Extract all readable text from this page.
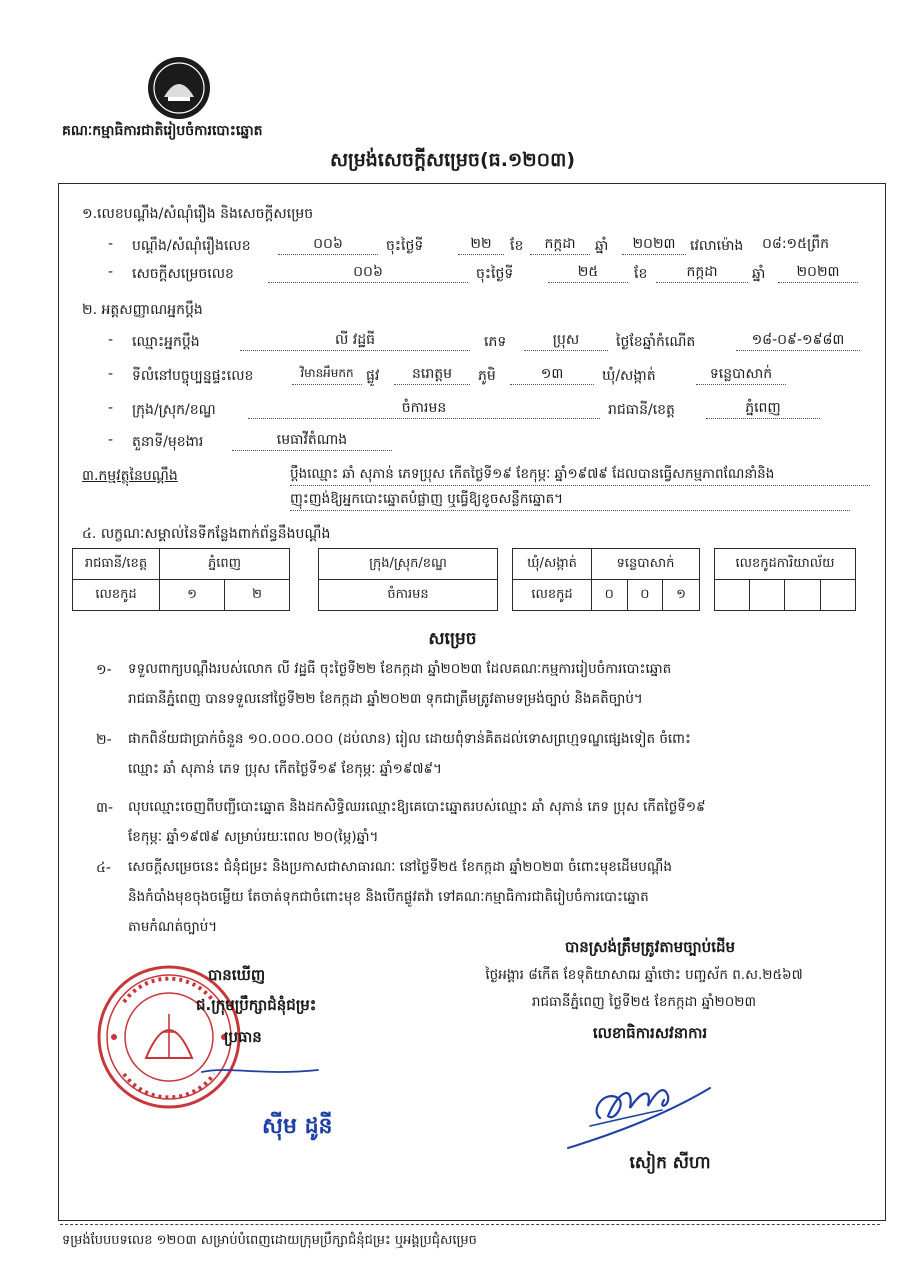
គណៈកម្មាធិការជាតិរៀបចំការបោះឆ្នោត
សម្រង់សេចក្ដីសម្រេច(ធ.១២០៣)
១.លេខបណ្ដឹង/សំណុំរឿង និងសេចក្ដីសម្រេច
- បណ្ដឹង/សំណុំរឿងលេខ	០០៦	ចុះថ្ងៃទី	២២	ខែ	កក្កដា	ឆ្នាំ	២០២៣	វេលាម៉ោង ០៨:១៥ព្រឹក
- សេចក្ដីសម្រេចលេខ	០០៦	ចុះថ្ងៃទី	២៥	ខែ	កក្កដា	ឆ្នាំ	២០២៣
២. អត្តសញ្ញាណអ្នកប្ដឹង
- ឈ្មោះអ្នកប្ដឹង	លី វដ្ឋធី	ភេទ	ប្រុស	ថ្ងៃខែឆ្នាំកំណើត	១៨-០៩-១៩៨៣
- ទីលំនៅបច្ចុប្បន្នផ្ទះលេខ	វិមានអឹមកក ផ្លូវ	នរោត្តម	ភូមិ	១៣	ឃុំ/សង្កាត់	ទន្លេបាសាក់
- ក្រុង/ស្រុក/ខណ្ឌ	ចំការមន	រាជធានី/ខេត្ត	ភ្នំពេញ
- តួនាទី/មុខងារ	មេធាវីតំណាង
៣.កម្មវត្ថុនៃបណ្ដឹង	ប្ដឹងឈ្មោះ ឆាំ សុភាន់ ភេទប្រុស កើតថ្ងៃទី១៩ ខែកុម្ភៈ ឆ្នាំ១៩៧៩ ដែលបានធ្វើសកម្មភាពណែនាំនិង
ញុះញង់ឱ្យអ្នកបោះឆ្នោតបំផ្លាញ ឬធ្វើឱ្យខូចសន្លឹកឆ្នោត។
៤. លក្ខណៈសម្គាល់នៃទីកន្លែងពាក់ព័ន្ធនឹងបណ្ដឹង
រាជធានី/ខេត្ត	ភ្នំពេញ	
លេខកូដ	១	២
ក្រុង/ស្រុក/ខណ្ឌ
ចំការមន
ឃុំ/សង្កាត់	ទន្លេបាសាក់		
លេខកូដ	០	០	១
លេខកូដការិយាល័យ

សម្រេច
១- ទទួលពាក្យបណ្ដឹងរបស់លោក លី វដ្ឋធី ចុះថ្ងៃទី២២ ខែកក្កដា ឆ្នាំ២០២៣ ដែលគណៈកម្មការរៀបចំការបោះឆ្នោត
រាជធានីភ្នំពេញ បានទទួលនៅថ្ងៃទី២២ ខែកក្កដា ឆ្នាំ២០២៣ ទុកជាត្រឹមត្រូវតាមទម្រង់ច្បាប់ និងគតិច្បាប់។
២- ផាកពិន័យជាប្រាក់ចំនួន ១០.០០០.០០០ (ដប់លាន) រៀល ដោយពុំទាន់គិតដល់ទោសព្រហ្មទណ្ឌផ្សេងទៀត ចំពោះ
ឈ្មោះ ឆាំ សុភាន់ ភេទ ប្រុស កើតថ្ងៃទី១៩ ខែកុម្ភៈ ឆ្នាំ១៩៧៩។
៣- លុបឈ្មោះចេញពីបញ្ជីបោះឆ្នោត និងដកសិទ្ធិឈរឈ្មោះឱ្យគេបោះឆ្នោតរបស់ឈ្មោះ ឆាំ សុភាន់ ភេទ ប្រុស កើតថ្ងៃទី១៩
ខែកុម្ភៈ ឆ្នាំ១៩៧៩ សម្រាប់រយៈពេល ២០(ម្ភៃ)ឆ្នាំ។
៤- សេចក្ដីសម្រេចនេះ ជំនុំជម្រះ និងប្រកាសជាសាធារណៈ នៅថ្ងៃទី២៥ ខែកក្កដា ឆ្នាំ២០២៣ ចំពោះមុខដើមបណ្ដឹង
និងកំបាំងមុខចុងចម្លើយ តែចាត់ទុកជាចំពោះមុខ និងបើកផ្លូវតវ៉ា ទៅគណៈកម្មាធិការជាតិរៀបចំការបោះឆ្នោត
តាមកំណត់ច្បាប់។
បានស្រង់ត្រឹមត្រូវតាមច្បាប់ដើម
ថ្ងៃអង្គារ ៨កើត ខែទុតិយាសាឍ ឆ្នាំថោះ បញ្ចស័ក ព.ស.២៥៦៧
រាជធានីភ្នំពេញ ថ្ងៃទី២៥ ខែកក្កដា ឆ្នាំ២០២៣
លេខាធិការសវនាការ
សៀក សីហា
បានឃើញ
ជ.ក្រុមប្រឹក្សាជំនុំជម្រះ
ប្រធាន
ស៊ីម ដូនី
ទម្រង់បែបបទលេខ ១២០៣ សម្រាប់បំពេញដោយក្រុមប្រឹក្សាជំនុំជម្រះ ឬអង្គប្រជុំសម្រេច
